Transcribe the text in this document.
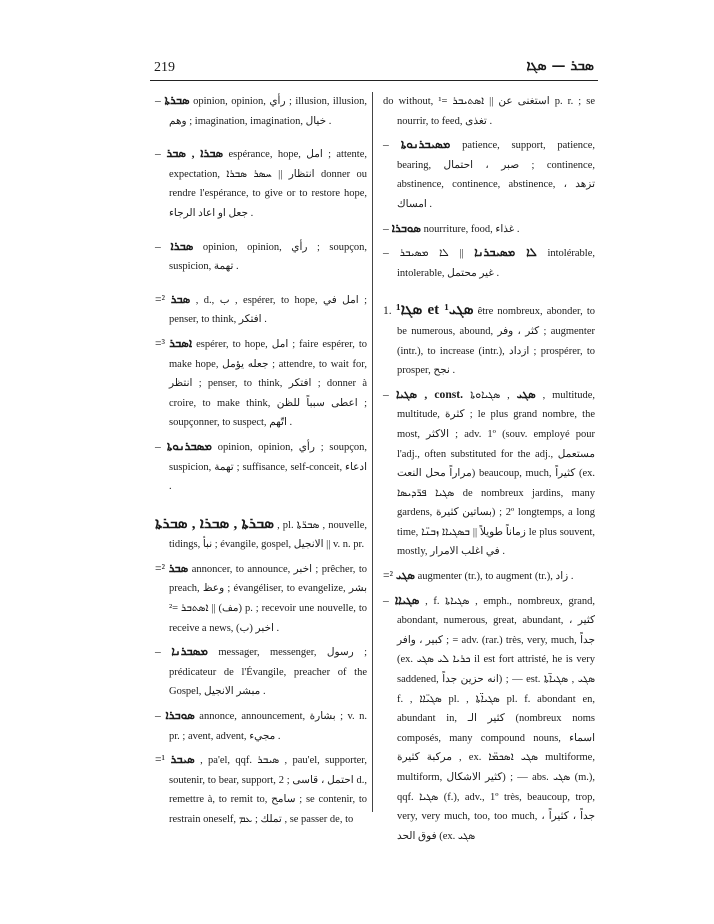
219	ܣܒܪ — ܣܓܐ

– ܣܒܪܬܐ opinion, opinion, رأي ; illusion, illusion, وهم ; imagination, imagination, خيال .

– ܣܒܪܐ , ܣܒܪ espérance, hope, امل ; attente, expectation, انتظار || ܚܣܪ ܣܒܪܐ donner ou rendre l'espérance, to give or to restore hope, جعل او اعاد الرجاء .

– ܣܒܪܐ opinion, opinion, رأي ; soupçon, suspicion, تهمة .

=² ܣܒܪ , d., ب , espérer, to hope, امل في ; penser, to think, افتكر .

=³ ܐܣܒܪ espérer, to hope, امل ; faire espérer, to make hope, جعله يؤمل ; attendre, to wait for, انتظر ; penser, to think, افتكر ; donner à croire, to make think, اعطى سبباً للظن ; soupçonner, to suspect, اتّهم .

– ܡܣܒܪܢܘܬܐ opinion, opinion, رأي ; soupçon, suspicion, تهمة ; suffisance, self-conceit, ادعاء .

ܣܒܪܬܐ , ܣܒܪܐ , ܣܒܪܬܐ , pl. ܣܒܪ̈ܬܐ , nouvelle, tidings, نبأ ; évangile, gospel, الانجيل || v. n. pr.

=² ܣܒܪ annoncer, to announce, اخبر ; prêcher, to preach, وعظ ; évangéliser, to evangelize, بشر (مف) || ܐܣܬܒܪ =² p. ; recevoir une nouvelle, to receive a news, اخبر (ب) .

– ܡܣܒܪܢܐ messager, messenger, رسول ; prédicateur de l'Évangile, preacher of the Gospel, مبشر الانجيل .

– ܣܘܒܪܐ annonce, announcement, بشارة ; v. n. pr. ; avent, advent, مجيء .

=¹ ܣܝܒܪ , pa'el, qqf. ܣܝܒܪ , pau'el, supporter, soutenir, to bear, support, احتمل ، قاسى ; 2 d., remettre à, to remit to, سامح ; se contenir, to restrain oneself, تملك ; ܥܡ , se passer de, to

do without, استغنى عن || ܐܣܬܝܒܪ =¹ p. r. ; se nourrir, to feed, تغذى .

– ܡܣܝܒܪܢܘܬܐ patience, support, patience, bearing, صبر ، احتمال ; continence, abstinence, continence, abstinence, تزهد ، امساك .

– ܣܘܒܪܐ nourriture, food, غذاء .

–	ܠܐ ܡܣܝܒܪܢܐ || ܠܐ ܡܣܝܒܪ intolérable, intolerable, غير محتمل .

1. ¹ܣܓܐ et ¹ܣܓܝ être nombreux, abonder, to be numerous, abound, كثر ، وفر ; augmenter (intr.), to increase (intr.), ازداد ; prospérer, to prosper, نجح .

– ܣܓܝܐ , const. ܣܓܝ , ܣܓܝܐܘܬܐ , multitude, multitude, كثرة ; le plus grand nombre, the most, الاكثر ; adv. 1º (souv. employé pour l'adj., often substituted for the adj., مستعمل مراراً محل النعت) beaucoup, much, كثيراً (ex. ܣܓܝܐ ܦܪ̈ܕܝܣܐ de nombreux jardins, many gardens, بساتين كثيرة) ; 2º longtemps, a long time, زماناً طويلاً || ܒܣܓܝܐܐ ܙܒܢ̈ܐ le plus souvent, mostly, في اغلب الامرار .

=² ܣܓܝ augmenter (tr.), to augment (tr.), زاد .

– ܣܓܝܐܐ , f. ܣܓܝܐܬܐ , emph., nombreux, grand, abondant, numerous, great, abundant, كثير ، كبير ، وافر ; = adv. (rar.) très, very, much, جداً (ex. ܟܪܝܐ ܠܝ ܣܓܝ il est fort attristé, he is very saddened, انه حزين جداً) ; — est. ܣܓܝ , ܣܓܝܐ̈ܬܐ f. , ܣܓܝ̈ܐܐ pl. , ܣܓܝܐ̈ܬܐ pl. f. abondant en, abundant in, كثير الـ (nombreux noms composés, many compound nouns, اسماء مركبة كثيرة , ex. ܣܓܝ ܐܣܟܡ̈ܐ multiforme, multiform, كثير الاشكال) ; — abs. ܣܓܝ (m.), qqf. ܣܓܝܐ (f.), adv., 1º très, beaucoup, trop, very, very much, too, too much, جداً ، كثيراً ، فوق الحد (ex. ܣܓܝ
